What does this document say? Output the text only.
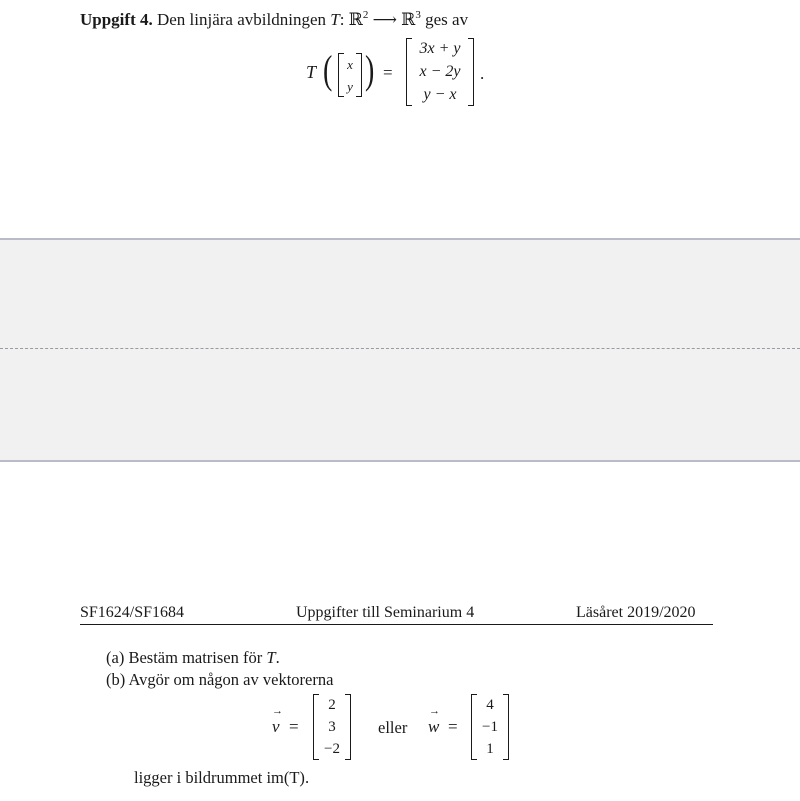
Uppgift 4. Den linjära avbildningen T: ℝ$^2$ ⟶ ℝ$^3$ ges av
T (	x
y ) =
3x + y
x − 2y
y − x
.
SF1624/SF1684	Uppgifter till Seminarium 4	Läsåret 2019/2020
(a) Bestäm matrisen för T.
(b) Avgör om någon av vektorerna
→
v =
2
3
−2
eller
→
w =
4
−1
1
ligger i bildrummet im(T).
